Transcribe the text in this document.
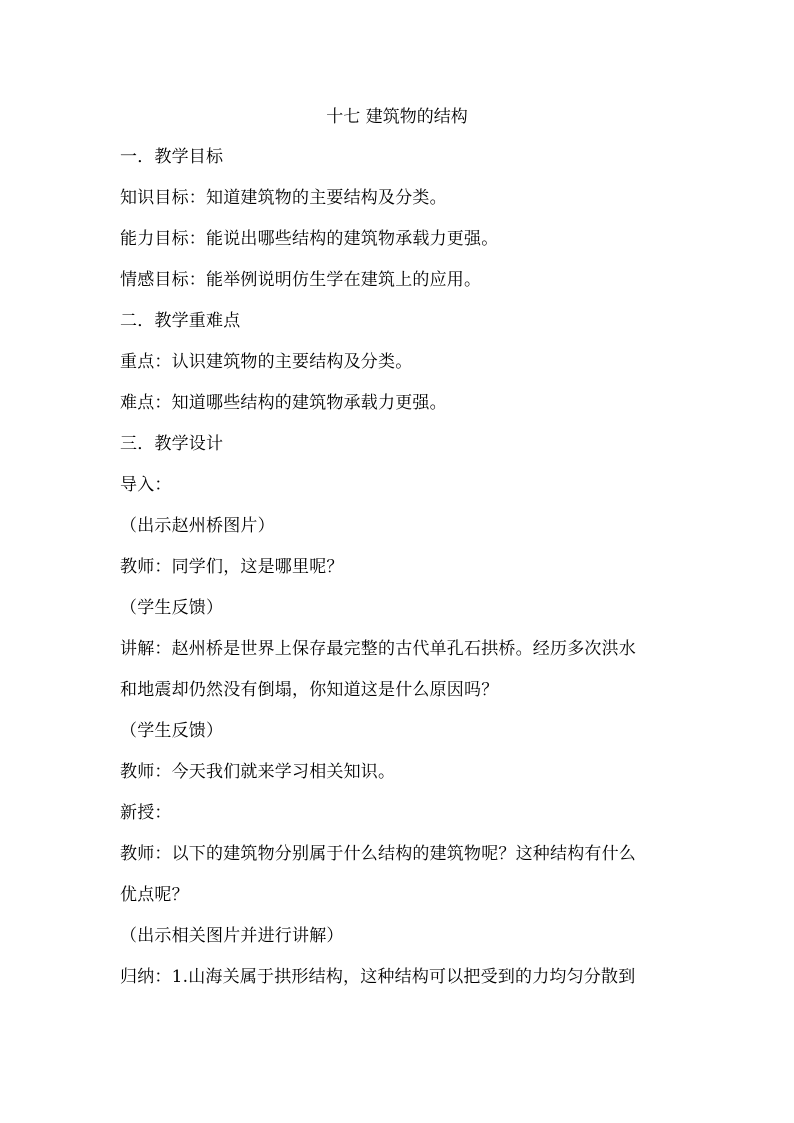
十七 建筑物的结构
一．教学目标
知识目标：知道建筑物的主要结构及分类。
能力目标：能说出哪些结构的建筑物承载力更强。
情感目标：能举例说明仿生学在建筑上的应用。
二．教学重难点
重点：认识建筑物的主要结构及分类。
难点：知道哪些结构的建筑物承载力更强。
三．教学设计
导入：
（出示赵州桥图片）
教师：同学们，这是哪里呢？
（学生反馈）
讲解：赵州桥是世界上保存最完整的古代单孔石拱桥。经历多次洪水
和地震却仍然没有倒塌，你知道这是什么原因吗？
（学生反馈）
教师：今天我们就来学习相关知识。
新授：
教师：以下的建筑物分别属于什么结构的建筑物呢？这种结构有什么
优点呢？
（出示相关图片并进行讲解）
归纳：1.山海关属于拱形结构，这种结构可以把受到的力均匀分散到
